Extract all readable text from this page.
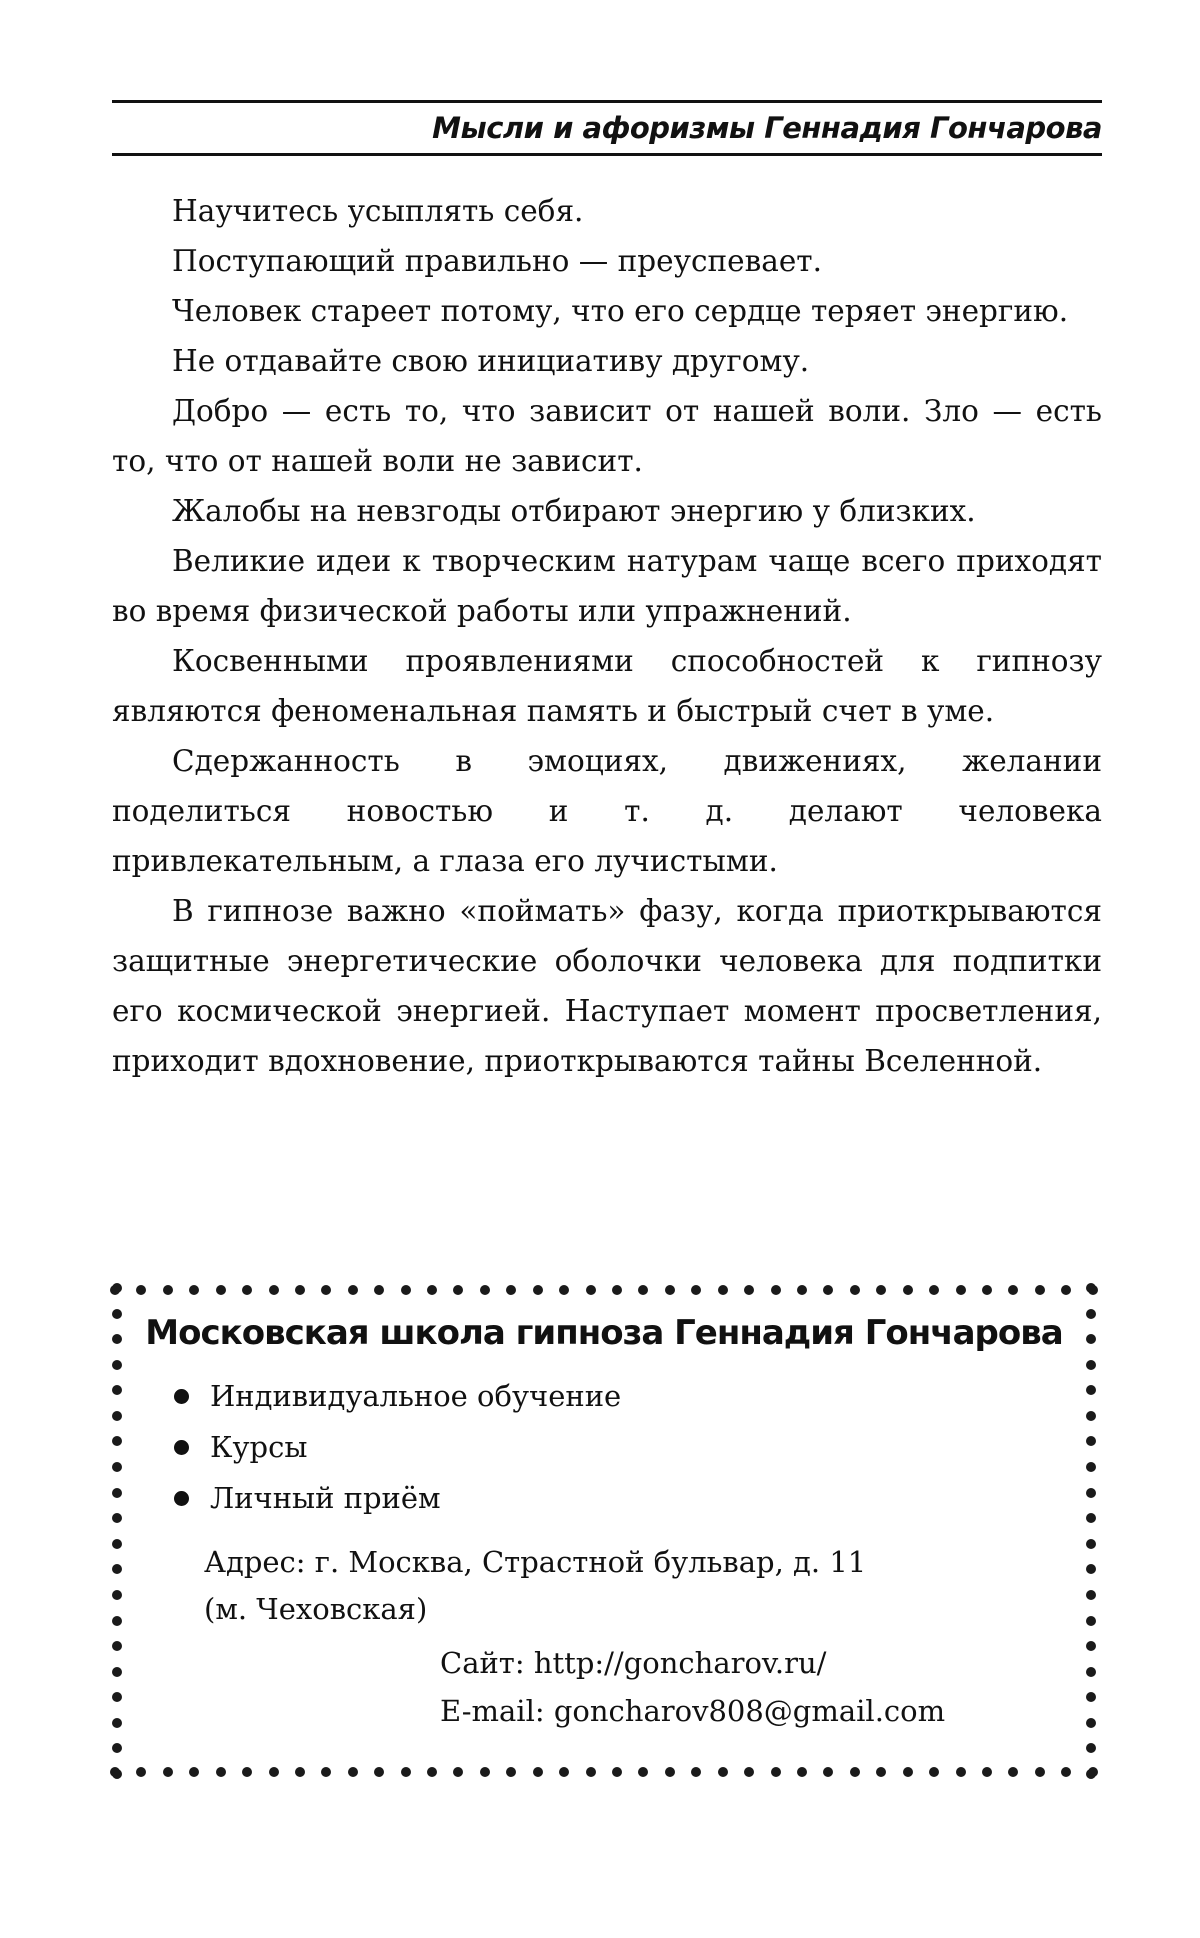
Мысли и афоризмы Геннадия Гончарова

Научитесь усыплять себя.

Поступающий правильно — преуспевает.

Человек стареет потому, что его сердце теряет энергию.

Не отдавайте свою инициативу другому.

Добро — есть то, что зависит от нашей воли. Зло — есть то, что от нашей воли не зависит.

Жалобы на невзгоды отбирают энергию у близких.

Великие идеи к творческим натурам чаще всего приходят во время физической работы или упражнений.

Косвенными проявлениями способностей к гипнозу являются феноменальная память и быстрый счет в уме.

Сдержанность в эмоциях, движениях, желании поделиться новостью и т. д. делают человека привлекательным, а глаза его лучистыми.

В гипнозе важно «поймать» фазу, когда приоткрываются защитные энергетические оболочки человека для подпитки его космической энергией. Наступает момент просветления, приходит вдохновение, приоткрываются тайны Вселенной.

Московская школа гипноза Геннадия Гончарова
Индивидуальное обучение
Курсы
Личный приём
Адрес: г. Москва, Страстной бульвар, д. 11
(м. Чеховская)
Сайт: http://goncharov.ru/
E-mail: goncharov808@gmail.com
